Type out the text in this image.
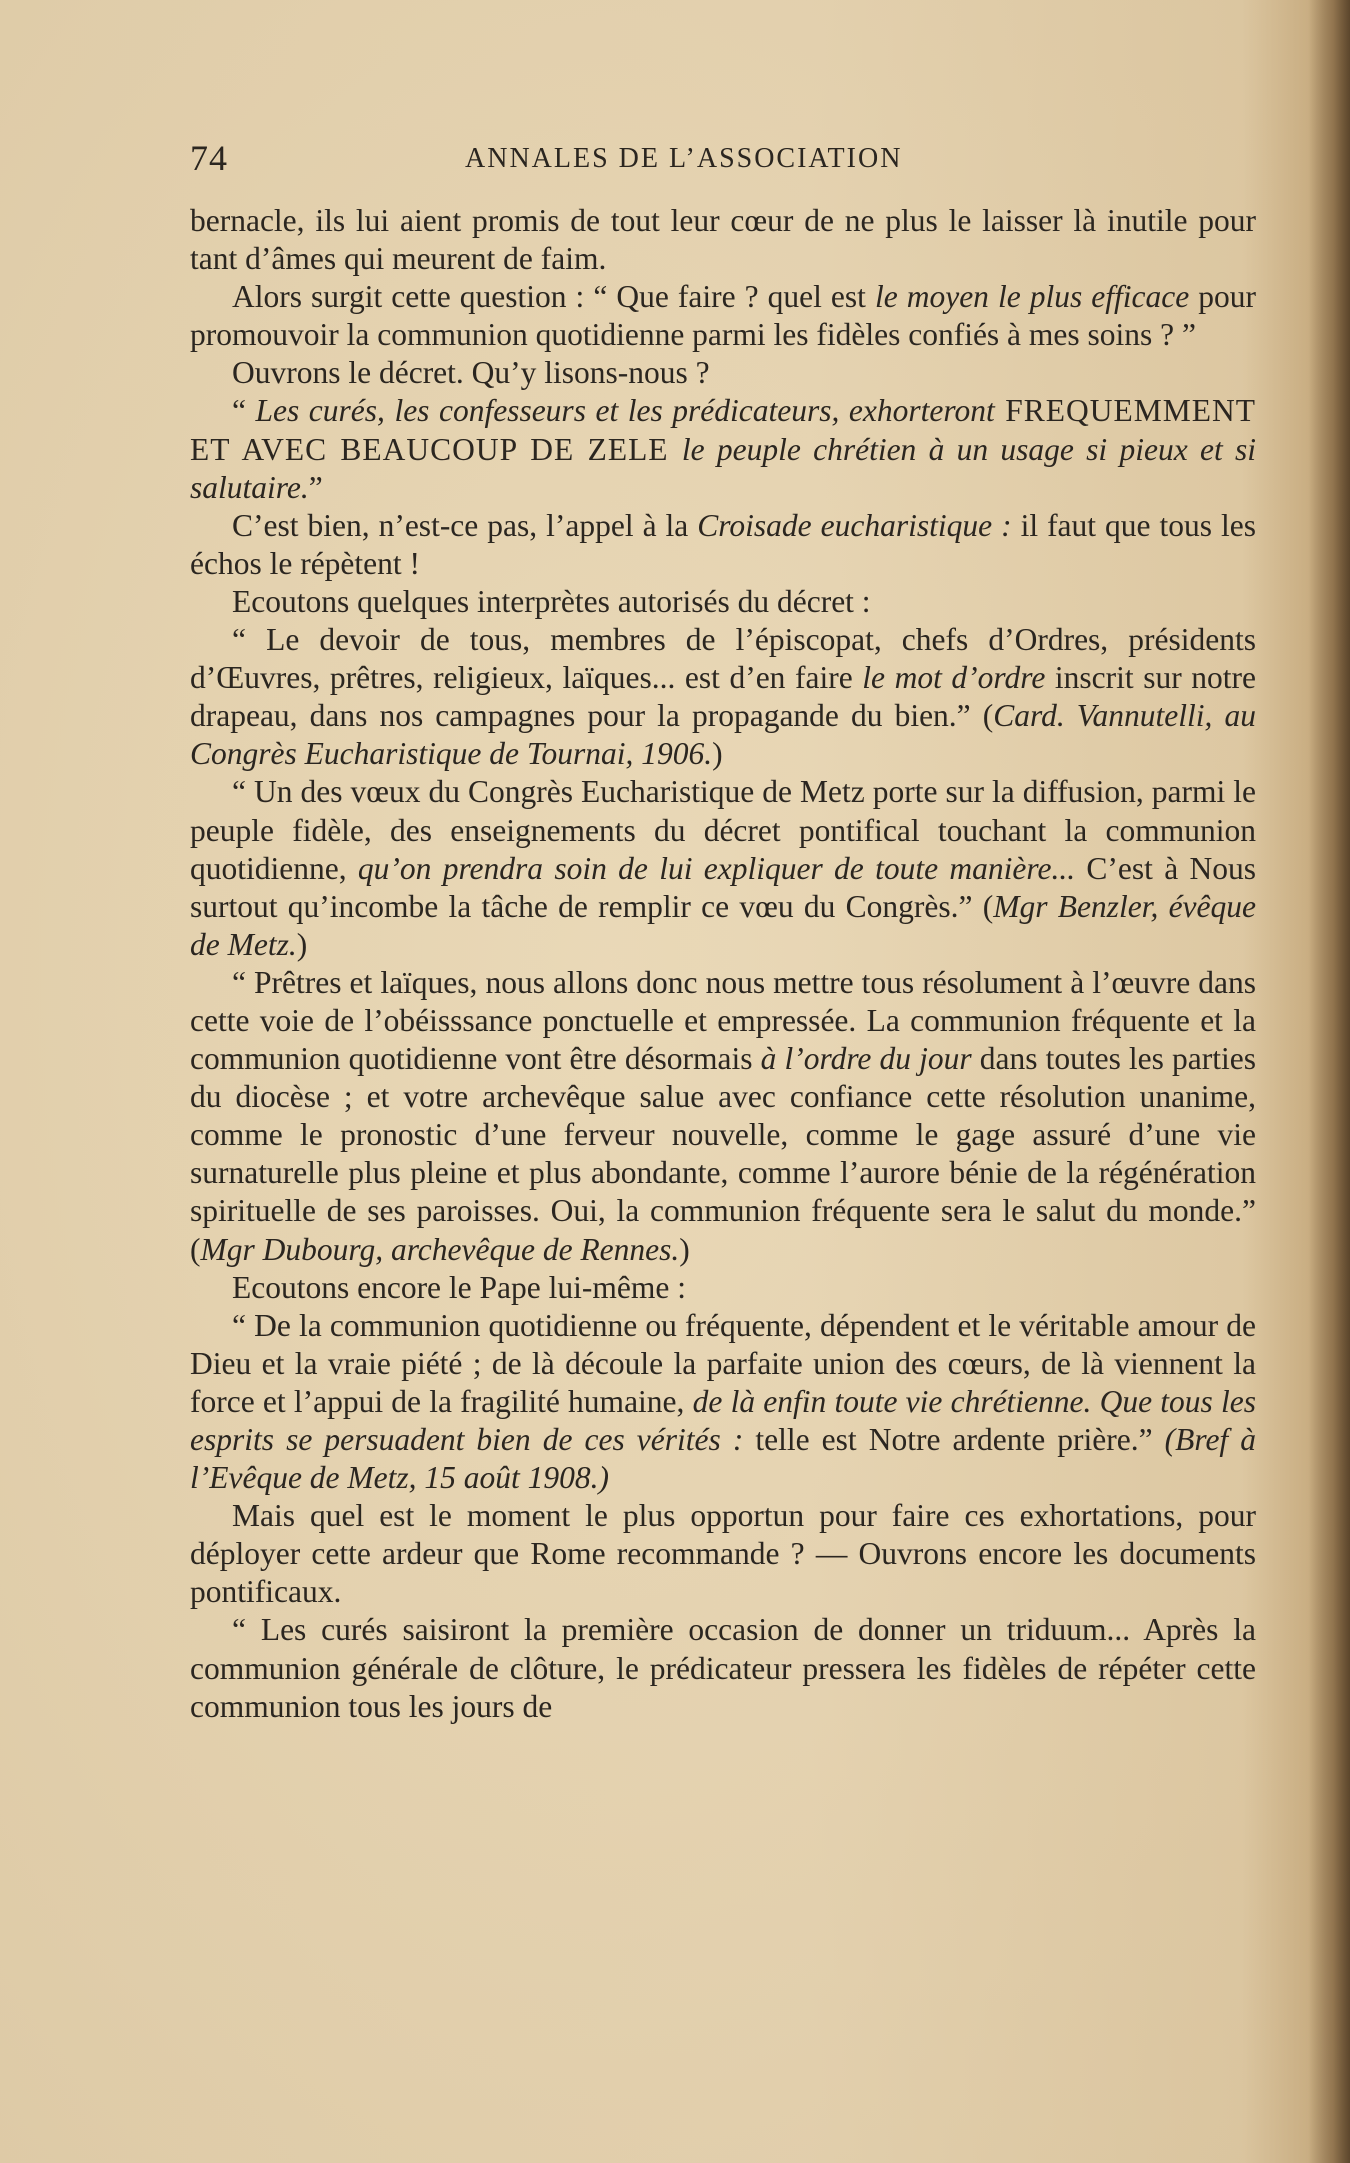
74	ANNALES DE L’ASSOCIATION

bernacle, ils lui aient promis de tout leur cœur de ne plus le laisser là inutile pour tant d’âmes qui meurent de faim.

Alors surgit cette question : “ Que faire ? quel est le moyen le plus efficace pour promouvoir la communion quotidienne parmi les fidèles confiés à mes soins ? ”

Ouvrons le décret. Qu’y lisons-nous ?

“ Les curés, les confesseurs et les prédicateurs, exhorteront FREQUEMMENT ET AVEC BEAUCOUP DE ZELE le peuple chrétien à un usage si pieux et si salutaire.”

C’est bien, n’est-ce pas, l’appel à la Croisade eucharistique : il faut que tous les échos le répètent !

Ecoutons quelques interprètes autorisés du décret :

“ Le devoir de tous, membres de l’épiscopat, chefs d’Ordres, présidents d’Œuvres, prêtres, religieux, laïques... est d’en faire le mot d’ordre inscrit sur notre drapeau, dans nos campagnes pour la propagande du bien.” (Card. Vannutelli, au Congrès Eucharistique de Tournai, 1906.)

“ Un des vœux du Congrès Eucharistique de Metz porte sur la diffusion, parmi le peuple fidèle, des enseignements du décret pontifical touchant la communion quotidienne, qu’on prendra soin de lui expliquer de toute manière... C’est à Nous surtout qu’incombe la tâche de remplir ce vœu du Congrès.” (Mgr Benzler, évêque de Metz.)

“ Prêtres et laïques, nous allons donc nous mettre tous résolument à l’œuvre dans cette voie de l’obéisssance ponctuelle et empressée. La communion fréquente et la communion quotidienne vont être désormais à l’ordre du jour dans toutes les parties du diocèse ; et votre archevêque salue avec confiance cette résolution unanime, comme le pronostic d’une ferveur nouvelle, comme le gage assuré d’une vie surnaturelle plus pleine et plus abondante, comme l’aurore bénie de la régénération spirituelle de ses paroisses. Oui, la communion fréquente sera le salut du monde.” (Mgr Dubourg, archevêque de Rennes.)

Ecoutons encore le Pape lui-même :

“ De la communion quotidienne ou fréquente, dépendent et le véritable amour de Dieu et la vraie piété ; de là découle la parfaite union des cœurs, de là viennent la force et l’appui de la fragilité humaine, de là enfin toute vie chrétienne. Que tous les esprits se persuadent bien de ces vérités : telle est Notre ardente prière.” (Bref à l’Evêque de Metz, 15 août 1908.)

Mais quel est le moment le plus opportun pour faire ces exhortations, pour déployer cette ardeur que Rome recommande ? — Ouvrons encore les documents pontificaux.

“ Les curés saisiront la première occasion de donner un triduum... Après la communion générale de clôture, le prédicateur pressera les fidèles de répéter cette communion tous les jours de
